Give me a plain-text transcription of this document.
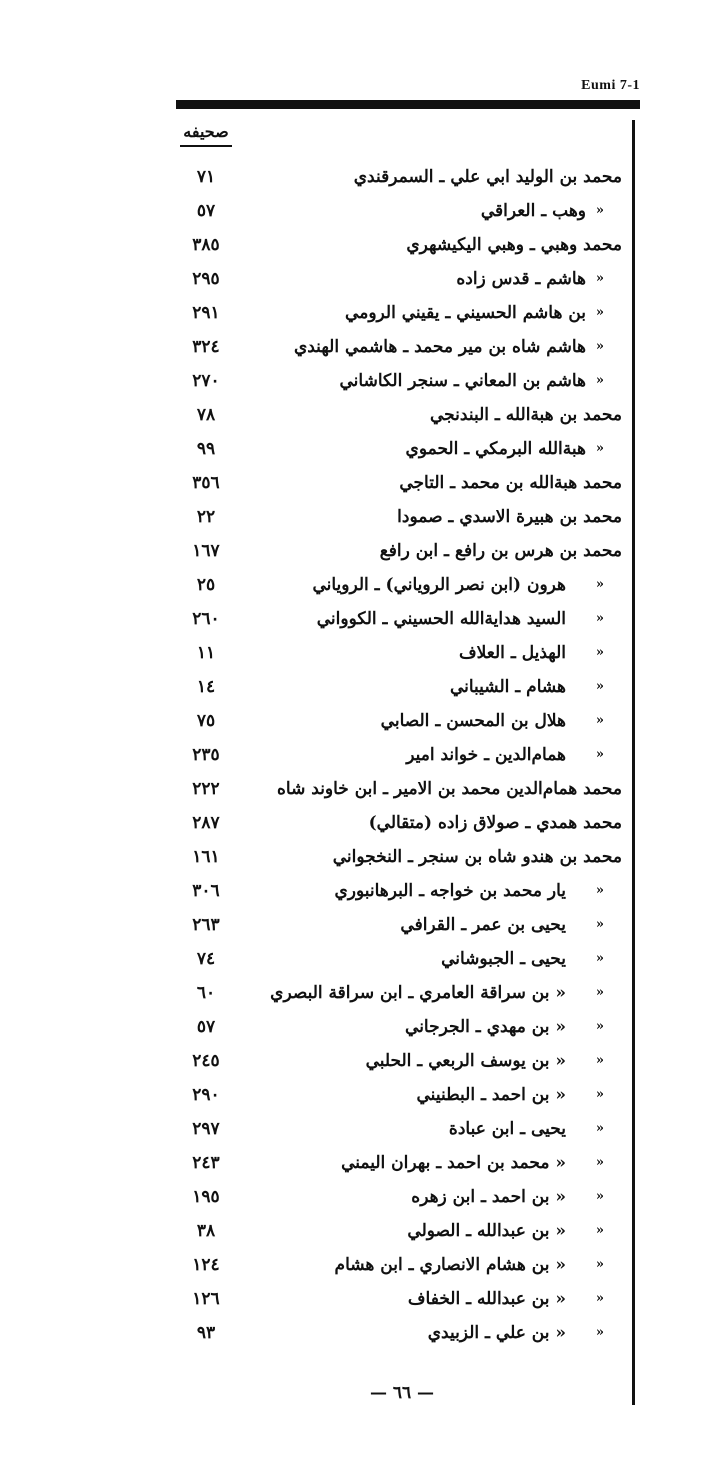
Eumi 7-1
صحيفه
محمد بن الوليد ابي علي ـ السمرقندي
٧١
«
وهب ـ العراقي
٥٧
محمد وهبي ـ وهبي اليكيشهري
٣٨٥
«
هاشم ـ قدس زاده
٢٩٥
«
بن هاشم الحسيني ـ يقيني الرومي
٢٩١
«
هاشم شاه بن مير محمد ـ هاشمي الهندي
٣٢٤
«
هاشم بن المعاني ـ سنجر الكاشاني
٢٧٠
محمد بن هبةالله ـ البندنجي
٧٨
«
هبةالله البرمكي ـ الحموي
٩٩
محمد هبةالله بن محمد ـ التاجي
٣٥٦
محمد بن هبيرة الاسدي ـ صمودا
٢٢
محمد بن هرس بن رافع ـ ابن رافع
١٦٧
«
هرون (ابن نصر الروياني) ـ الروياني
٢٥
«
السيد هداية‌الله الحسيني ـ الكوواني
٢٦٠
«
الهذيل ـ العلاف
١١
«
هشام ـ الشيباني
١٤
«
هلال بن المحسن ـ الصابي
٧٥
«
همام‌الدين ـ خواند امير
٢٣٥
محمد همام‌الدين محمد بن الامير ـ ابن خاوند شاه
٢٢٢
محمد همدي ـ صولاق زاده (متقالي)
٢٨٧
محمد بن هندو شاه بن سنجر ـ النخجواني
١٦١
«
يار محمد بن خواجه ـ البرهانبوري
٣٠٦
«
يحيى بن عمر ـ القرافي
٢٦٣
«
يحيى ـ الجبوشاني
٧٤
«
« بن سراقة العامري ـ ابن سراقة البصري
٦٠
«
« بن مهدي ـ الجرجاني
٥٧
«
« بن يوسف الربعي ـ الحلبي
٢٤٥
«
« بن احمد ـ البطنيني
٢٩٠
«
يحيى ـ ابن عبادة
٢٩٧
«
« محمد بن احمد ـ بهران اليمني
٢٤٣
«
« بن احمد ـ ابن زهره
١٩٥
«
« بن عبدالله ـ الصولي
٣٨
«
« بن هشام الانصاري ـ ابن هشام
١٢٤
«
« بن عبدالله ـ الخفاف
١٢٦
«
« بن علي ـ الزبيدي
٩٣
— ٦٦ —
